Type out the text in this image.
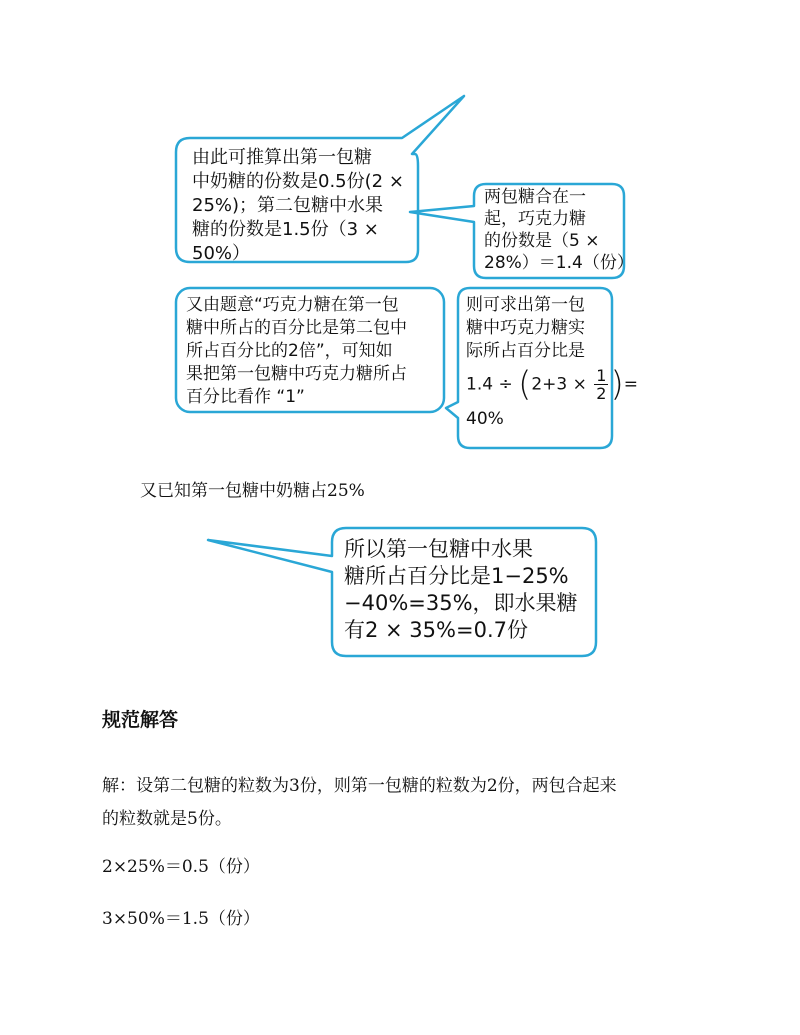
由此可推算出第一包糖
中奶糖的份数是0.5份(2 ×
25%)；第二包糖中水果
糖的份数是1.5份（3 ×
50%）
两包糖合在一
起，巧克力糖
的份数是（5 ×
28%）＝1.4（份）
又由题意“巧克力糖在第一包
糖中所占的百分比是第二包中
所占百分比的2倍”，可知如
果把第一包糖中巧克力糖所占
百分比看作 “1”
则可求出第一包
糖中巧克力糖实
际所占百分比是
$1.4 \div (2+3 \times \frac{1}{2}$ )=
40%
所以第一包糖中水果
糖所占百分比是1−25%
−40%=35%，即水果糖
有2 × 35%=0.7份
又已知第一包糖中奶糖占25%
规范解答
解：设第二包糖的粒数为3份，则第一包糖的粒数为2份，两包合起来
的粒数就是5份。
2×25%＝0.5（份）
3×50%＝1.5（份）
